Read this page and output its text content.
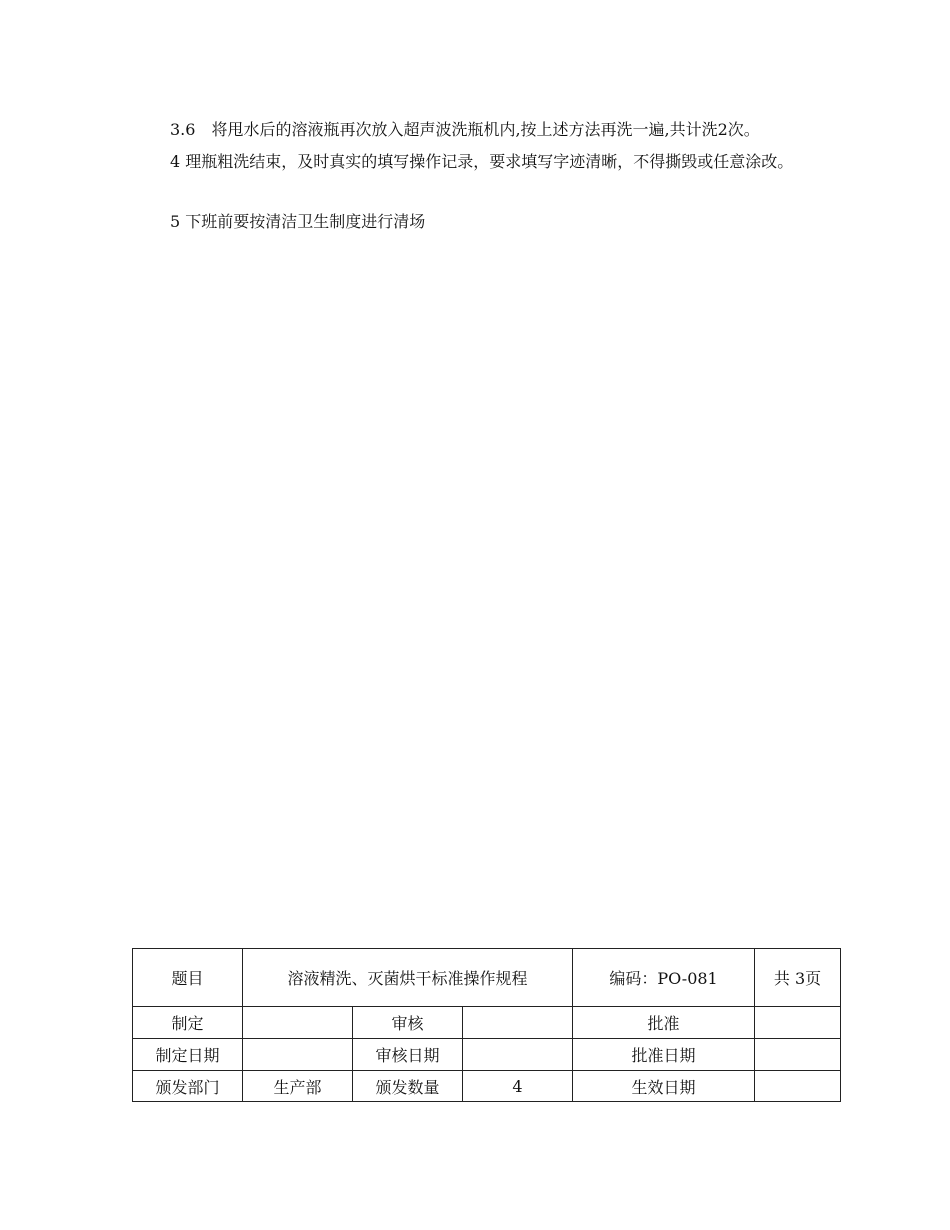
3.6　将甩水后的溶液瓶再次放入超声波洗瓶机内,按上述方法再洗一遍,共计洗2次。

4 理瓶粗洗结束，及时真实的填写操作记录，要求填写字迹清晰，不得撕毁或任意涂改。

5 下班前要按清洁卫生制度进行清场

题目	溶液精洗、灭菌烘干标准操作规程			编码：PO-081	共 3页
制定		审核		批准	
制定日期		审核日期		批准日期	
颁发部门	生产部	颁发数量	4	生效日期	
